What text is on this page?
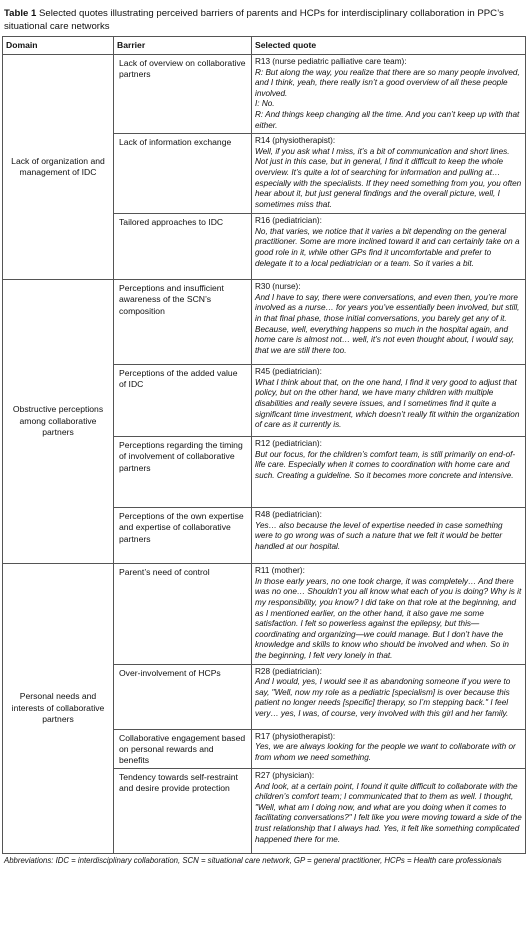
Table 1 Selected quotes illustrating perceived barriers of parents and HCPs for interdisciplinary collaboration in PPC’s situational care networks
Domain	Barrier	Selected quote
Lack of organization and management of IDC	Lack of overview on collaborative partners	R13 (nurse pediatric palliative care team):
R: But along the way, you realize that there are so many people involved, and I think, yeah, there really isn’t a good overview of all these people involved.
I: No.
R: And things keep changing all the time. And you can’t keep up with that either.

	Lack of information exchange	R14 (physiotherapist):
Well, if you ask what I miss, it’s a bit of communication and short lines. Not just in this case, but in general, I find it difficult to keep the whole overview. It’s quite a lot of searching for information and pulling at… especially with the specialists. If they need something from you, you often hear about it, but just general findings and the overall picture, well, I sometimes miss that.

	Tailored approaches to IDC	R16 (pediatrician):
No, that varies, we notice that it varies a bit depending on the general practitioner. Some are more inclined toward it and can certainly take on a good role in it, while other GPs find it uncomfortable and prefer to delegate it to a local pediatrician or a team. So it varies a bit.

Obstructive perceptions among collaborative partners	Perceptions and insufficient awareness of the SCN’s composition	R30 (nurse):
And I have to say, there were conversations, and even then, you’re more involved as a nurse… for years you’ve essentially been involved, but still, in that final phase, those initial conversations, you barely get any of it. Because, well, everything happens so much in the hospital again, and home care is almost not… well, it’s not even thought about, I would say, that we are still there too.

	Perceptions of the added value of IDC	R45 (pediatrician):
What I think about that, on the one hand, I find it very good to adjust that policy, but on the other hand, we have many children with multiple disabilities and really severe issues, and I sometimes find it quite a significant time investment, which doesn’t really fit within the organization of care as it currently is.

	Perceptions regarding the timing of involvement of collaborative partners	R12 (pediatrician):
But our focus, for the children’s comfort team, is still primarily on end-of-life care. Especially when it comes to coordination with home care and such. Creating a guideline. So it becomes more concrete and intensive.

	Perceptions of the own expertise and expertise of collaborative partners	R48 (pediatrician):
Yes… also because the level of expertise needed in case something were to go wrong was of such a nature that we felt it would be better handled at our hospital.

Personal needs and interests of collaborative partners	Parent’s need of control	R11 (mother):
In those early years, no one took charge, it was completely… And there was no one… Shouldn’t you all know what each of you is doing? Why is it my responsibility, you know? I did take on that role at the beginning, and as I mentioned earlier, on the other hand, it also gave me some satisfaction. I felt so powerless against the epilepsy, but this—coordinating and organizing—we could manage. But I don’t have the knowledge and skills to know who should be involved and when. So in the beginning, I felt very lonely in that.

	Over-involvement of HCPs	R28 (pediatrician):
And I would, yes, I would see it as abandoning someone if you were to say, "Well, now my role as a pediatric [specialism] is over because this patient no longer needs [specific] therapy, so I’m stepping back." I feel very… yes, I was, of course, very involved with this girl and her family.

	Collaborative engagement based on personal rewards and benefits	R17 (physiotherapist):
Yes, we are always looking for the people we want to collaborate with or from whom we need something.

	Tendency towards self-restraint and desire provide protection	R27 (physician):
And look, at a certain point, I found it quite difficult to collaborate with the children’s comfort team; I communicated that to them as well. I thought, "Well, what am I doing now, and what are you doing when it comes to facilitating conversations?" I felt like you were moving toward a side of the trust relationship that I always had. Yes, it felt like something complicated happened there for me.
Abbreviations: IDC = interdisciplinary collaboration, SCN = situational care network, GP = general practitioner, HCPs = Health care professionals
